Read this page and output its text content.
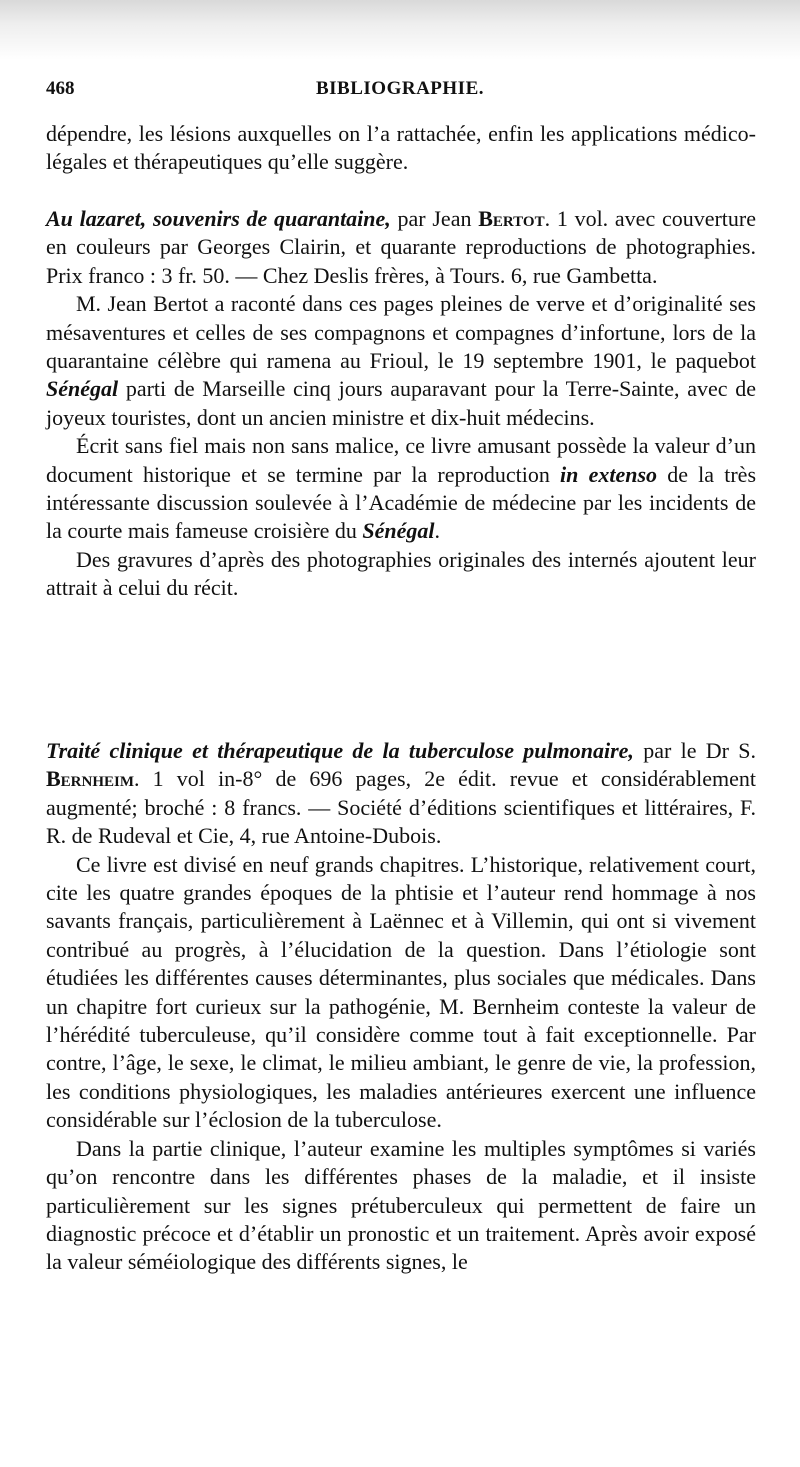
468	BIBLIOGRAPHIE.

dépendre, les lésions auxquelles on l’a rattachée, enfin les applications médico-légales et thérapeutiques qu’elle suggère.

Au lazaret, souvenirs de quarantaine, par Jean Bertot. 1 vol. avec couverture en couleurs par Georges Clairin, et quarante reproductions de photographies. Prix franco : 3 fr. 50. — Chez Deslis frères, à Tours. 6, rue Gambetta.

M. Jean Bertot a raconté dans ces pages pleines de verve et d’originalité ses mésaventures et celles de ses compagnons et compagnes d’infortune, lors de la quarantaine célèbre qui ramena au Frioul, le 19 septembre 1901, le paquebot Sénégal parti de Marseille cinq jours auparavant pour la Terre-Sainte, avec de joyeux touristes, dont un ancien ministre et dix-huit médecins.

Écrit sans fiel mais non sans malice, ce livre amusant possède la valeur d’un document historique et se termine par la reproduction in extenso de la très intéressante discussion soulevée à l’Académie de médecine par les incidents de la courte mais fameuse croisière du Sénégal.

Des gravures d’après des photographies originales des internés ajoutent leur attrait à celui du récit.

Traité clinique et thérapeutique de la tuberculose pulmonaire, par le Dr S. Bernheim. 1 vol in-8° de 696 pages, 2e édit. revue et considérablement augmenté; broché : 8 francs. — Société d’éditions scientifiques et littéraires, F. R. de Rudeval et Cie, 4, rue Antoine-Dubois.

Ce livre est divisé en neuf grands chapitres. L’historique, relativement court, cite les quatre grandes époques de la phtisie et l’auteur rend hommage à nos savants français, particulièrement à Laënnec et à Villemin, qui ont si vivement contribué au progrès, à l’élucidation de la question. Dans l’étiologie sont étudiées les différentes causes déterminantes, plus sociales que médicales. Dans un chapitre fort curieux sur la pathogénie, M. Bernheim conteste la valeur de l’hérédité tuberculeuse, qu’il considère comme tout à fait exceptionnelle. Par contre, l’âge, le sexe, le climat, le milieu ambiant, le genre de vie, la profession, les conditions physiologiques, les maladies antérieures exercent une influence considérable sur l’éclosion de la tuberculose.

Dans la partie clinique, l’auteur examine les multiples symptômes si variés qu’on rencontre dans les différentes phases de la maladie, et il insiste particulièrement sur les signes prétuberculeux qui permettent de faire un diagnostic précoce et d’établir un pronostic et un traitement. Après avoir exposé la valeur séméiologique des différents signes, le
